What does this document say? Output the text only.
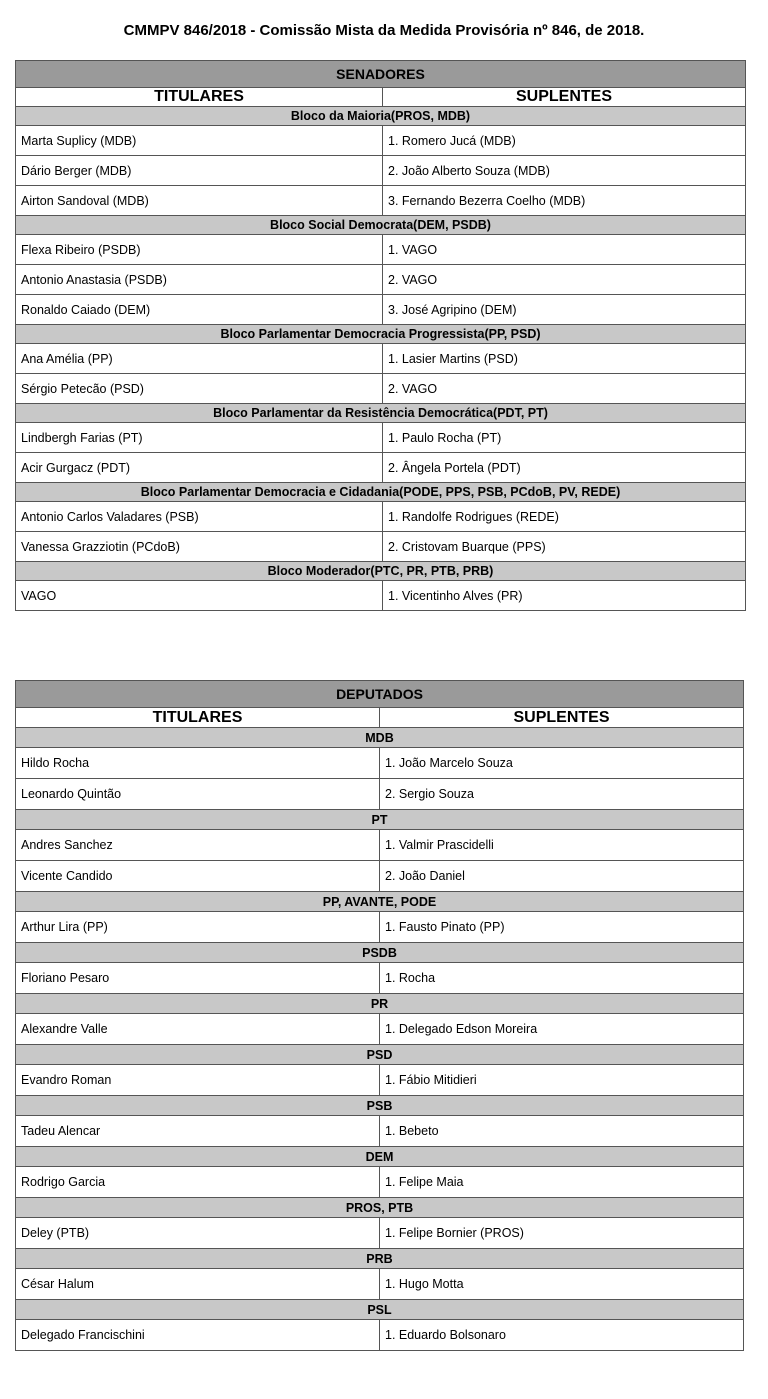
CMMPV 846/2018 - Comissão Mista da Medida Provisória nº 846, de 2018.
SENADORES	
TITULARES	SUPLENTES
Bloco da Maioria(PROS, MDB)	
Marta Suplicy (MDB)	1. Romero Jucá (MDB)
Dário Berger (MDB)	2. João Alberto Souza (MDB)
Airton Sandoval (MDB)	3. Fernando Bezerra Coelho (MDB)
Bloco Social Democrata(DEM, PSDB)	
Flexa Ribeiro (PSDB)	1. VAGO
Antonio Anastasia (PSDB)	2. VAGO
Ronaldo Caiado (DEM)	3. José Agripino (DEM)
Bloco Parlamentar Democracia Progressista(PP, PSD)	
Ana Amélia (PP)	1. Lasier Martins (PSD)
Sérgio Petecão (PSD)	2. VAGO
Bloco Parlamentar da Resistência Democrática(PDT, PT)	
Lindbergh Farias (PT)	1. Paulo Rocha (PT)
Acir Gurgacz (PDT)	2. Ângela Portela (PDT)
Bloco Parlamentar Democracia e Cidadania(PODE, PPS, PSB, PCdoB, PV, REDE)	
Antonio Carlos Valadares (PSB)	1. Randolfe Rodrigues (REDE)
Vanessa Grazziotin (PCdoB)	2. Cristovam Buarque (PPS)
Bloco Moderador(PTC, PR, PTB, PRB)	
VAGO	1. Vicentinho Alves (PR)
DEPUTADOS	
TITULARES	SUPLENTES
MDB	
Hildo Rocha	1. João Marcelo Souza
Leonardo Quintão	2. Sergio Souza
PT	
Andres Sanchez	1. Valmir Prascidelli
Vicente Candido	2. João Daniel
PP, AVANTE, PODE	
Arthur Lira (PP)	1. Fausto Pinato (PP)
PSDB	
Floriano Pesaro	1. Rocha
PR	
Alexandre Valle	1. Delegado Edson Moreira
PSD	
Evandro Roman	1. Fábio Mitidieri
PSB	
Tadeu Alencar	1. Bebeto
DEM	
Rodrigo Garcia	1. Felipe Maia
PROS, PTB	
Deley (PTB)	1. Felipe Bornier (PROS)
PRB	
César Halum	1. Hugo Motta
PSL	
Delegado Francischini	1. Eduardo Bolsonaro
